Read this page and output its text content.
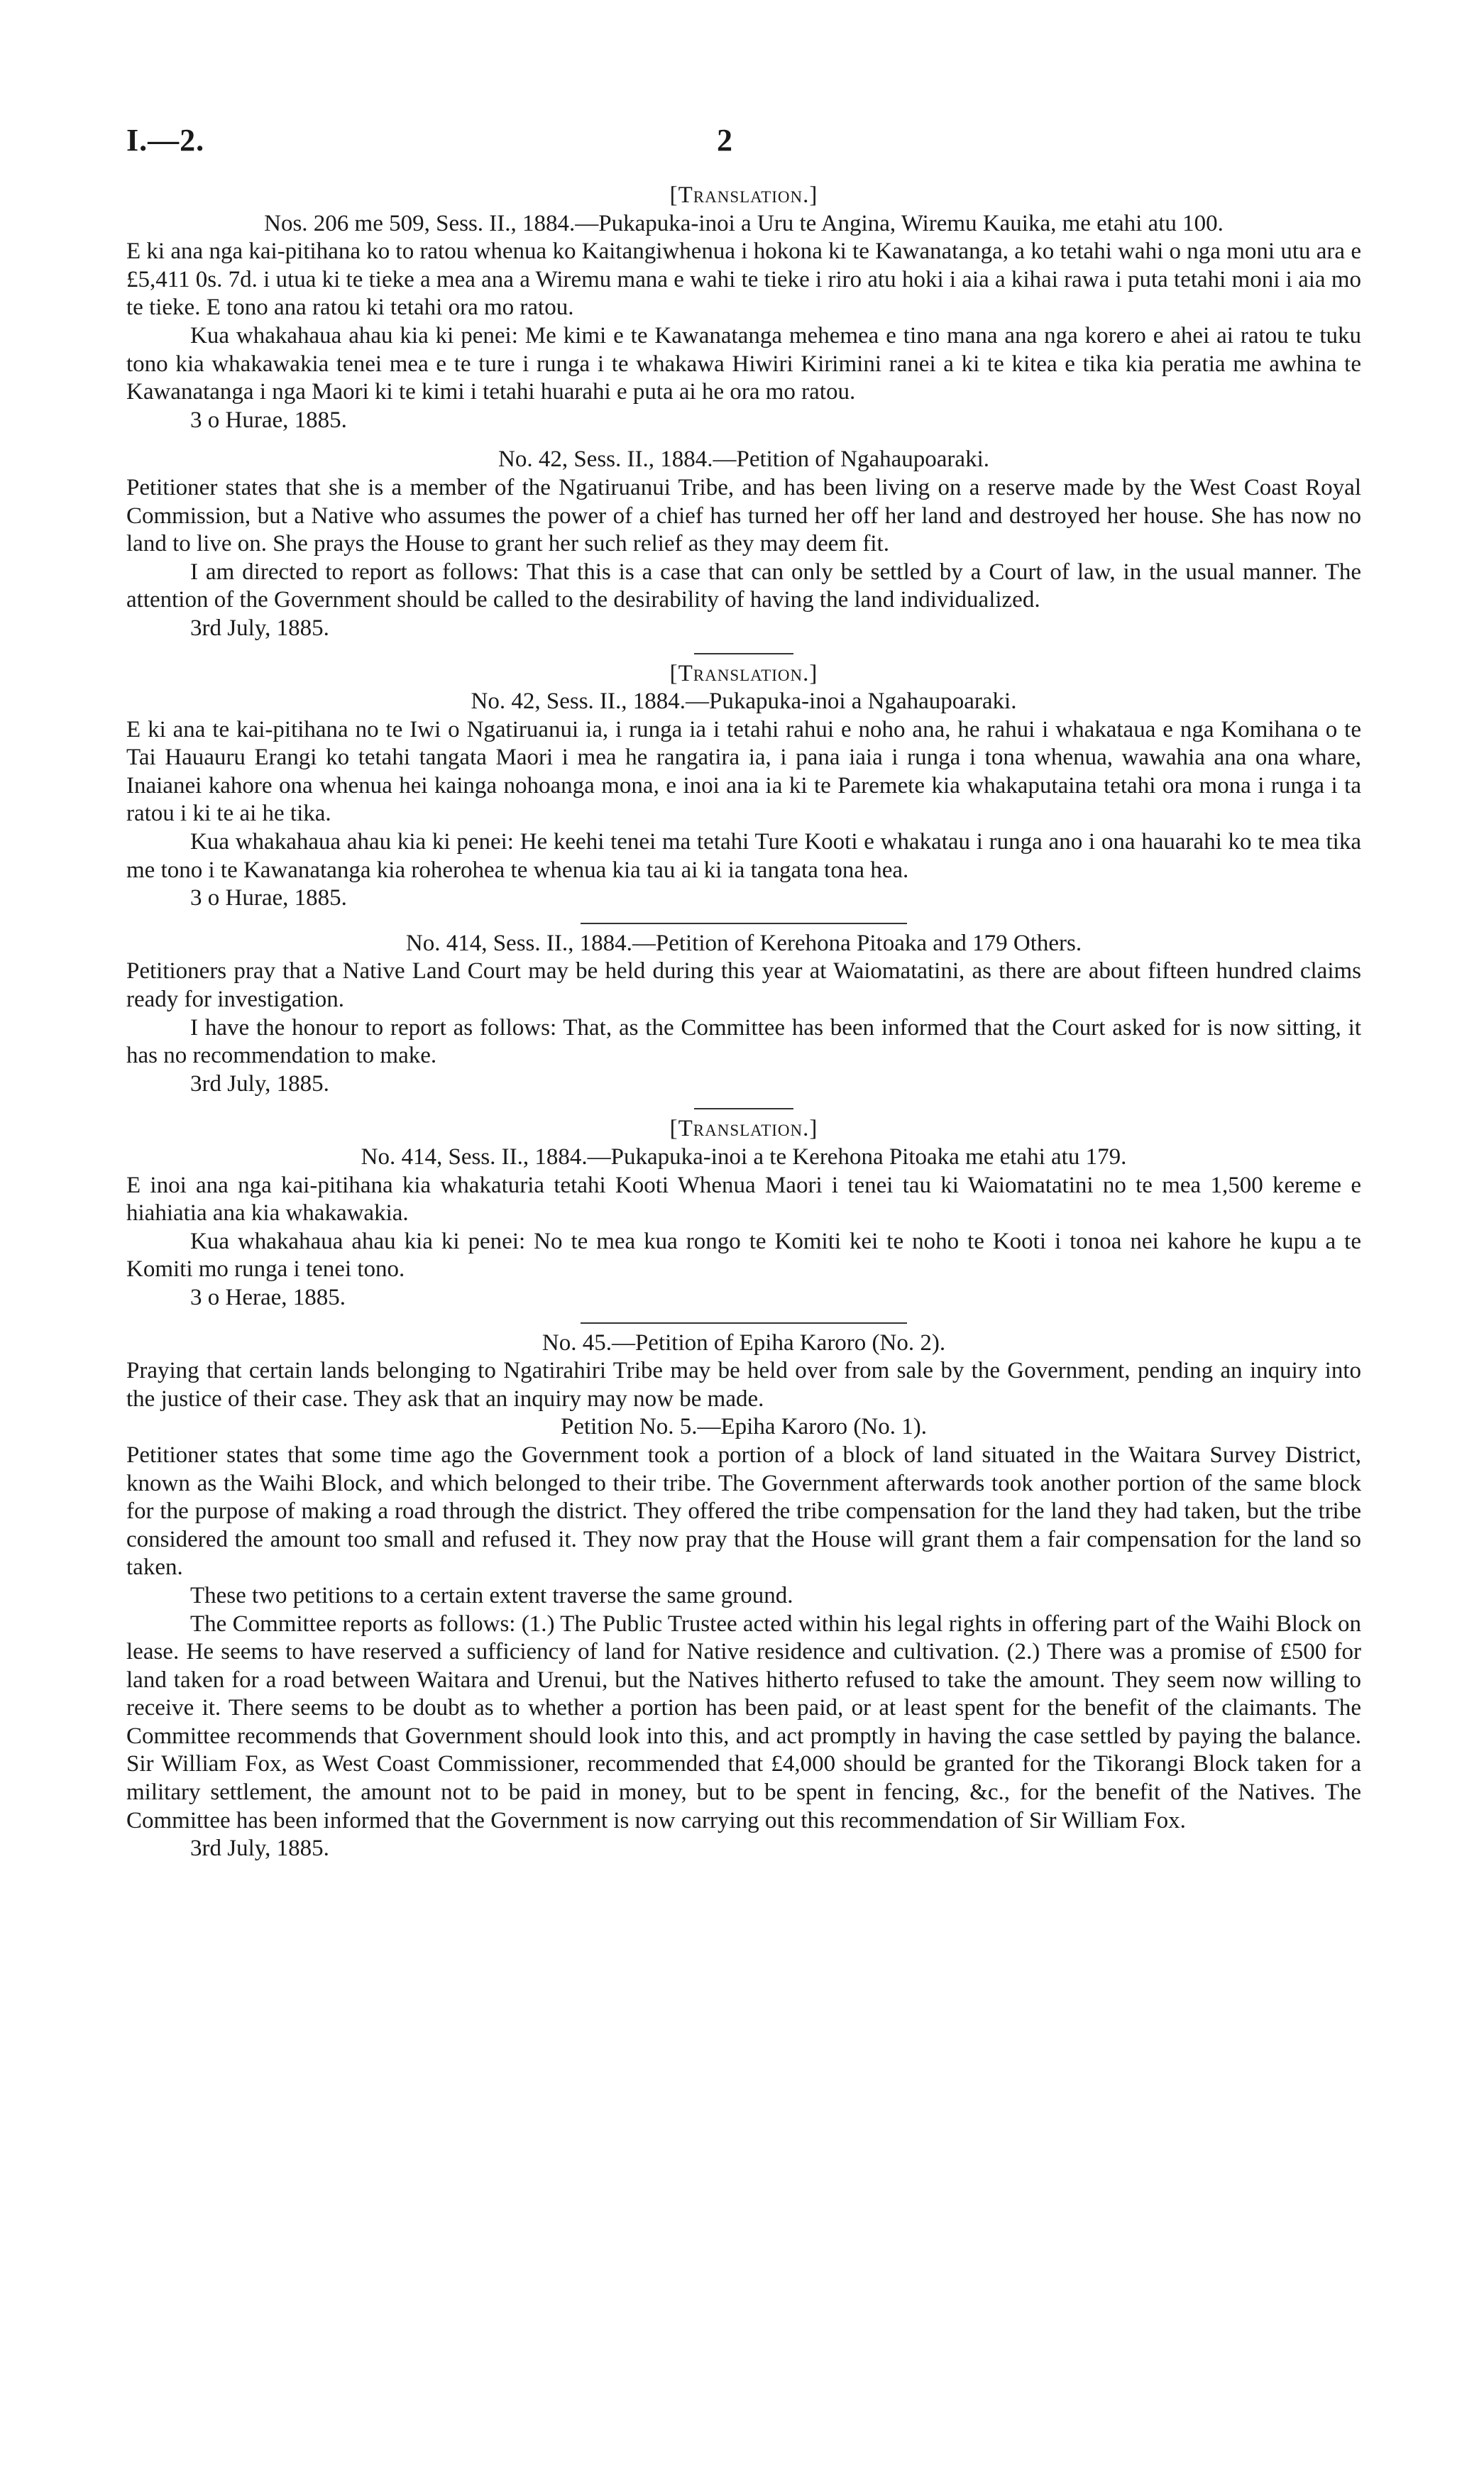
I.—2.	2
[Translation.]

Nos. 206 me 509, Sess. II., 1884.—Pukapuka-inoi a Uru te Angina, Wiremu Kauika, me etahi atu 100.

E ki ana nga kai-pitihana ko to ratou whenua ko Kaitangiwhenua i hokona ki te Kawanatanga, a ko tetahi wahi o nga moni utu ara e £5,411 0s. 7d. i utua ki te tieke a mea ana a Wiremu mana e wahi te tieke i riro atu hoki i aia a kihai rawa i puta tetahi moni i aia mo te tieke. E tono ana ratou ki tetahi ora mo ratou.

Kua whakahaua ahau kia ki penei: Me kimi e te Kawanatanga mehemea e tino mana ana nga korero e ahei ai ratou te tuku tono kia whakawakia tenei mea e te ture i runga i te whakawa Hiwiri Kirimini ranei a ki te kitea e tika kia peratia me awhina te Kawanatanga i nga Maori ki te kimi i tetahi huarahi e puta ai he ora mo ratou.

3 o Hurae, 1885.

No. 42, Sess. II., 1884.—Petition of Ngahaupoaraki.

Petitioner states that she is a member of the Ngatiruanui Tribe, and has been living on a reserve made by the West Coast Royal Commission, but a Native who assumes the power of a chief has turned her off her land and destroyed her house. She has now no land to live on. She prays the House to grant her such relief as they may deem fit.

I am directed to report as follows: That this is a case that can only be settled by a Court of law, in the usual manner. The attention of the Government should be called to the desirability of having the land individualized.

3rd July, 1885.

[Translation.]

No. 42, Sess. II., 1884.—Pukapuka-inoi a Ngahaupoaraki.

E ki ana te kai-pitihana no te Iwi o Ngatiruanui ia, i runga ia i tetahi rahui e noho ana, he rahui i whakataua e nga Komihana o te Tai Hauauru Erangi ko tetahi tangata Maori i mea he rangatira ia, i pana iaia i runga i tona whenua, wawahia ana ona whare, Inaianei kahore ona whenua hei kainga nohoanga mona, e inoi ana ia ki te Paremete kia whakaputaina tetahi ora mona i runga i ta ratou i ki te ai he tika.

Kua whakahaua ahau kia ki penei: He keehi tenei ma tetahi Ture Kooti e whakatau i runga ano i ona hauarahi ko te mea tika me tono i te Kawanatanga kia roherohea te whenua kia tau ai ki ia tangata tona hea.

3 o Hurae, 1885.

No. 414, Sess. II., 1884.—Petition of Kerehona Pitoaka and 179 Others.

Petitioners pray that a Native Land Court may be held during this year at Waiomatatini, as there are about fifteen hundred claims ready for investigation.

I have the honour to report as follows: That, as the Committee has been informed that the Court asked for is now sitting, it has no recommendation to make.

3rd July, 1885.

[Translation.]

No. 414, Sess. II., 1884.—Pukapuka-inoi a te Kerehona Pitoaka me etahi atu 179.

E inoi ana nga kai-pitihana kia whakaturia tetahi Kooti Whenua Maori i tenei tau ki Waiomatatini no te mea 1,500 kereme e hiahiatia ana kia whakawakia.

Kua whakahaua ahau kia ki penei: No te mea kua rongo te Komiti kei te noho te Kooti i tonoa nei kahore he kupu a te Komiti mo runga i tenei tono.

3 o Herae, 1885.

No. 45.—Petition of Epiha Karoro (No. 2).

Praying that certain lands belonging to Ngatirahiri Tribe may be held over from sale by the Government, pending an inquiry into the justice of their case. They ask that an inquiry may now be made.

Petition No. 5.—Epiha Karoro (No. 1).

Petitioner states that some time ago the Government took a portion of a block of land situated in the Waitara Survey District, known as the Waihi Block, and which belonged to their tribe. The Government afterwards took another portion of the same block for the purpose of making a road through the district. They offered the tribe compensation for the land they had taken, but the tribe considered the amount too small and refused it. They now pray that the House will grant them a fair compensation for the land so taken.

These two petitions to a certain extent traverse the same ground.

The Committee reports as follows: (1.) The Public Trustee acted within his legal rights in offering part of the Waihi Block on lease. He seems to have reserved a sufficiency of land for Native residence and cultivation. (2.) There was a promise of £500 for land taken for a road between Waitara and Urenui, but the Natives hitherto refused to take the amount. They seem now willing to receive it. There seems to be doubt as to whether a portion has been paid, or at least spent for the benefit of the claimants. The Committee recommends that Government should look into this, and act promptly in having the case settled by paying the balance. Sir William Fox, as West Coast Commissioner, recommended that £4,000 should be granted for the Tikorangi Block taken for a military settlement, the amount not to be paid in money, but to be spent in fencing, &c., for the benefit of the Natives. The Committee has been informed that the Government is now carrying out this recommendation of Sir William Fox.

3rd July, 1885.
